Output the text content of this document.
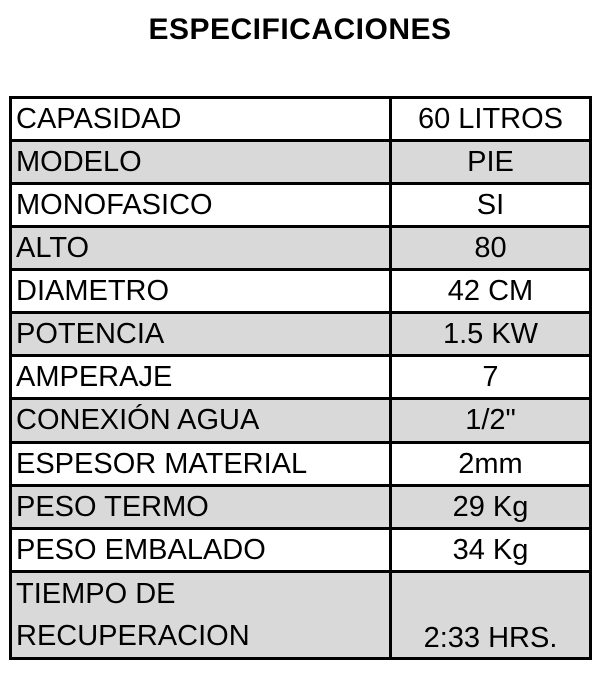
ESPECIFICACIONES
CAPASIDAD	60 LITROS
MODELO	PIE
MONOFASICO	SI
ALTO	80
DIAMETRO	42 CM
POTENCIA	1.5 KW
AMPERAJE	7
CONEXIÓN AGUA	1/2"
ESPESOR MATERIAL	2mm
PESO TERMO	29 Kg
PESO EMBALADO	34 Kg
TIEMPO DE RECUPERACION	2:33 HRS.
